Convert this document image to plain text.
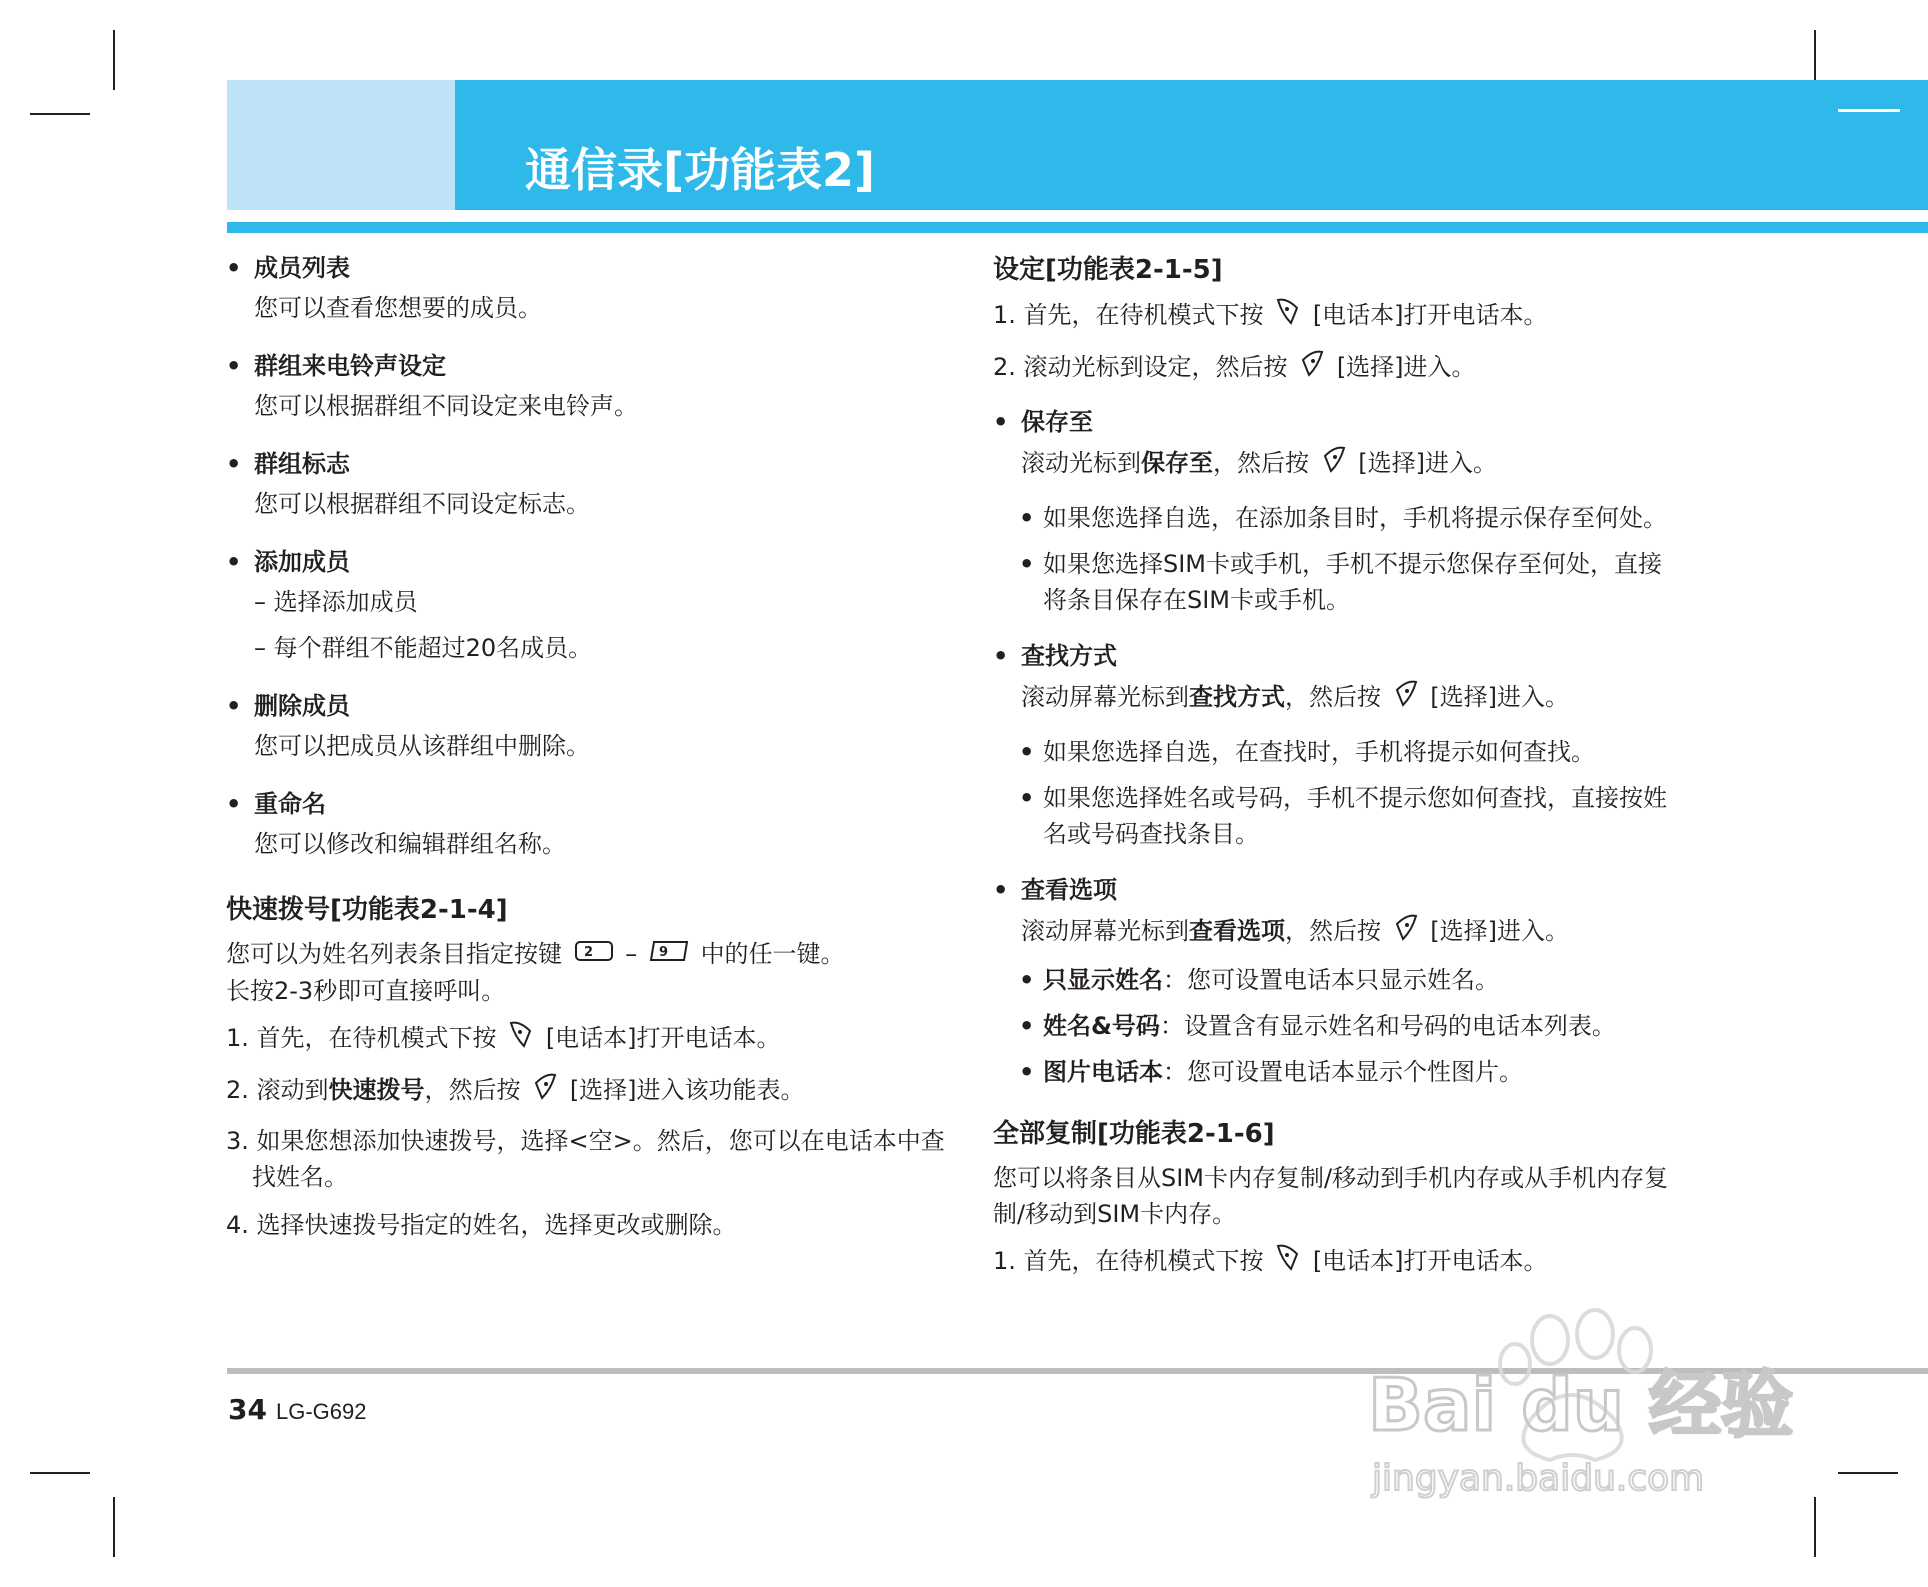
通信录[功能表2]
• 成员列表
您可以查看您想要的成员。
• 群组来电铃声设定
您可以根据群组不同设定来电铃声。
• 群组标志
您可以根据群组不同设定标志。
• 添加成员
– 选择添加成员
– 每个群组不能超过20名成员。
• 删除成员
您可以把成员从该群组中删除。
• 重命名
您可以修改和编辑群组名称。
快速拨号[功能表2-1-4]
您可以为姓名列表条目指定按键 2 – 9 中的任一键。
长按2-3秒即可直接呼叫。
1. 首先，在待机模式下按 [电话本]打开电话本。
2. 滚动到快速拨号，然后按 [选择]进入该功能表。
3. 如果您想添加快速拨号，选择<空>。然后，您可以在电话本中查找姓名。
4. 选择快速拨号指定的姓名，选择更改或删除。
设定[功能表2-1-5]
1. 首先，在待机模式下按 [电话本]打开电话本。
2. 滚动光标到设定，然后按 [选择]进入。
• 保存至
滚动光标到保存至，然后按 [选择]进入。
• 如果您选择自选，在添加条目时，手机将提示保存至何处。
• 如果您选择SIM卡或手机，手机不提示您保存至何处，直接将条目保存在SIM卡或手机。
• 查找方式
滚动屏幕光标到查找方式，然后按 [选择]进入。
• 如果您选择自选，在查找时，手机将提示如何查找。
• 如果您选择姓名或号码，手机不提示您如何查找，直接按姓名或号码查找条目。
• 查看选项
滚动屏幕光标到查看选项，然后按 [选择]进入。
• 只显示姓名：您可设置电话本只显示姓名。
• 姓名&号码：设置含有显示姓名和号码的电话本列表。
• 图片电话本：您可设置电话本显示个性图片。
全部复制[功能表2-1-6]
您可以将条目从SIM卡内存复制/移动到手机内存或从手机内存复制/移动到SIM卡内存。
1. 首先，在待机模式下按 [电话本]打开电话本。
34 LG-G692	Bai du 经验
jingyan.baidu.com
